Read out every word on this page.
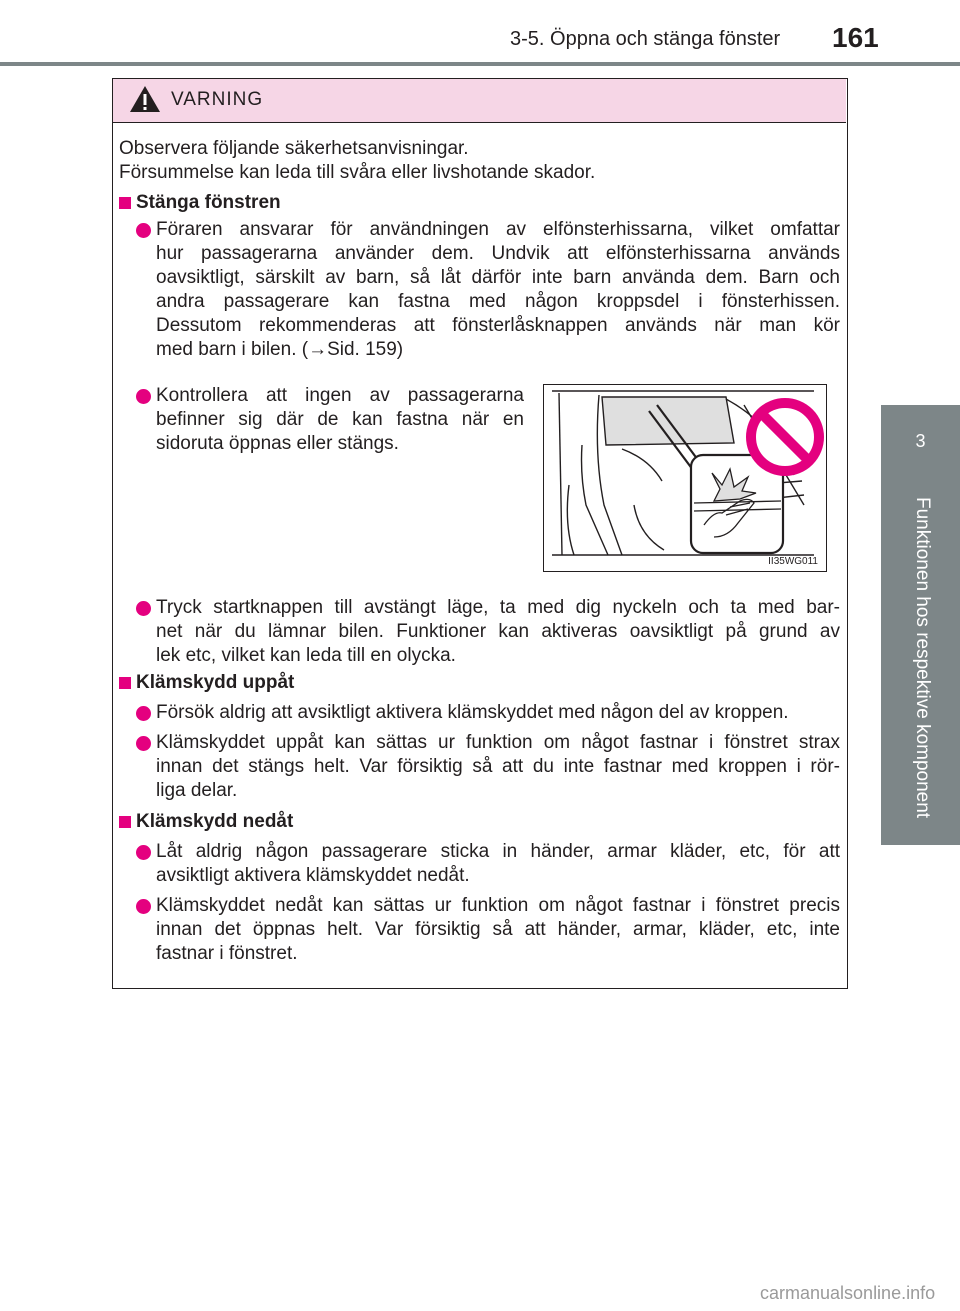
3-5. Öppna och stänga fönster 161
3
Funktionen hos respektive komponent
VARNING
Observera följande säkerhetsanvisningar.
Försummelse kan leda till svåra eller livshotande skador.
Stänga fönstren
Föraren ansvarar för användningen av elfönsterhissarna, vilket omfattar
hur passagerarna använder dem. Undvik att elfönsterhissarna används
oavsiktligt, särskilt av barn, så låt därför inte barn använda dem. Barn och
andra passagerare kan fastna med någon kroppsdel i fönsterhissen.
Dessutom rekommenderas att fönsterlåsknappen används när man kör
med barn i bilen. (→Sid. 159)
Kontrollera att ingen av passagerarna
befinner sig där de kan fastna när en
sidoruta öppnas eller stängs.
II35WG011
Tryck startknappen till avstängt läge, ta med dig nyckeln och ta med bar-
net när du lämnar bilen. Funktioner kan aktiveras oavsiktligt på grund av
lek etc, vilket kan leda till en olycka.
Klämskydd uppåt
Försök aldrig att avsiktligt aktivera klämskyddet med någon del av kroppen.
Klämskyddet uppåt kan sättas ur funktion om något fastnar i fönstret strax
innan det stängs helt. Var försiktig så att du inte fastnar med kroppen i rör-
liga delar.
Klämskydd nedåt
Låt aldrig någon passagerare sticka in händer, armar kläder, etc, för att
avsiktligt aktivera klämskyddet nedåt.
Klämskyddet nedåt kan sättas ur funktion om något fastnar i fönstret precis
innan det öppnas helt. Var försiktig så att händer, armar, kläder, etc, inte
fastnar i fönstret.
carmanualsonline.info
